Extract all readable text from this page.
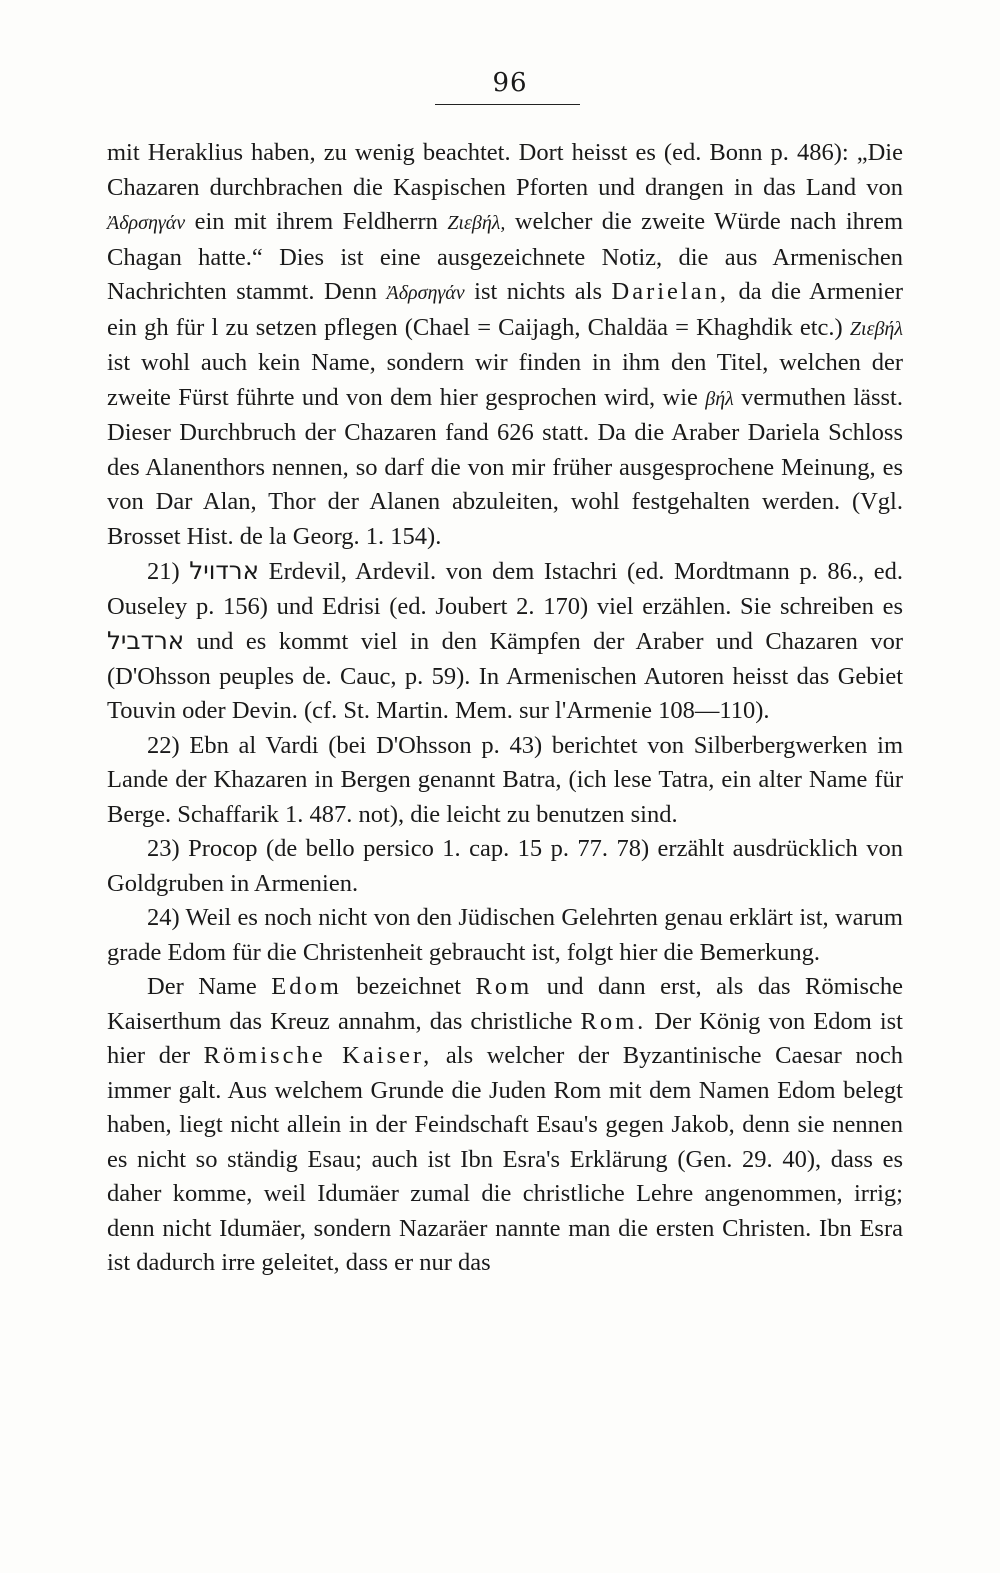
96

mit Heraklius haben, zu wenig beachtet. Dort heisst es (ed. Bonn p. 486): „Die Chazaren durchbrachen die Kaspischen Pforten und drangen in das Land von Ἀδρσηγάν ein mit ihrem Feldherrn Ζιεβήλ, welcher die zweite Würde nach ihrem Chagan hatte.“ Dies ist eine ausgezeichnete Notiz, die aus Armenischen Nachrichten stammt. Denn Ἀδρσηγάν ist nichts als Darielan, da die Armenier ein gh für l zu setzen pflegen (Chael = Caijagh, Chaldäa = Khaghdik etc.) Ζιεβήλ ist wohl auch kein Name, sondern wir finden in ihm den Titel, welchen der zweite Fürst führte und von dem hier gesprochen wird, wie βήλ vermuthen lässt. Dieser Durchbruch der Chazaren fand 626 statt. Da die Araber Dariela Schloss des Alanenthors nennen, so darf die von mir früher ausgesprochene Meinung, es von Dar Alan, Thor der Alanen abzuleiten, wohl festgehalten werden. (Vgl. Brosset Hist. de la Georg. 1. 154).

21) ארדויל Erdevil, Ardevil. von dem Istachri (ed. Mordtmann p. 86., ed. Ouseley p. 156) und Edrisi (ed. Joubert 2. 170) viel erzählen. Sie schreiben es ארדביל und es kommt viel in den Kämpfen der Araber und Chazaren vor (D'Ohsson peuples de. Cauc, p. 59). In Armenischen Autoren heisst das Gebiet Touvin oder Devin. (cf. St. Martin. Mem. sur l'Armenie 108—110).

22) Ebn al Vardi (bei D'Ohsson p. 43) berichtet von Silberbergwerken im Lande der Khazaren in Bergen genannt Batra, (ich lese Tatra, ein alter Name für Berge. Schaffarik 1. 487. not), die leicht zu benutzen sind.

23) Procop (de bello persico 1. cap. 15 p. 77. 78) erzählt ausdrücklich von Goldgruben in Armenien.

24) Weil es noch nicht von den Jüdischen Gelehrten genau erklärt ist, warum grade Edom für die Christenheit gebraucht ist, folgt hier die Bemerkung.

Der Name Edom bezeichnet Rom und dann erst, als das Römische Kaiserthum das Kreuz annahm, das christliche Rom. Der König von Edom ist hier der Römische Kaiser, als welcher der Byzantinische Caesar noch immer galt. Aus welchem Grunde die Juden Rom mit dem Namen Edom belegt haben, liegt nicht allein in der Feindschaft Esau's gegen Jakob, denn sie nennen es nicht so ständig Esau; auch ist Ibn Esra's Erklärung (Gen. 29. 40), dass es daher komme, weil Idumäer zumal die christliche Lehre angenommen, irrig; denn nicht Idumäer, sondern Nazaräer nannte man die ersten Christen. Ibn Esra ist dadurch irre geleitet, dass er nur das
